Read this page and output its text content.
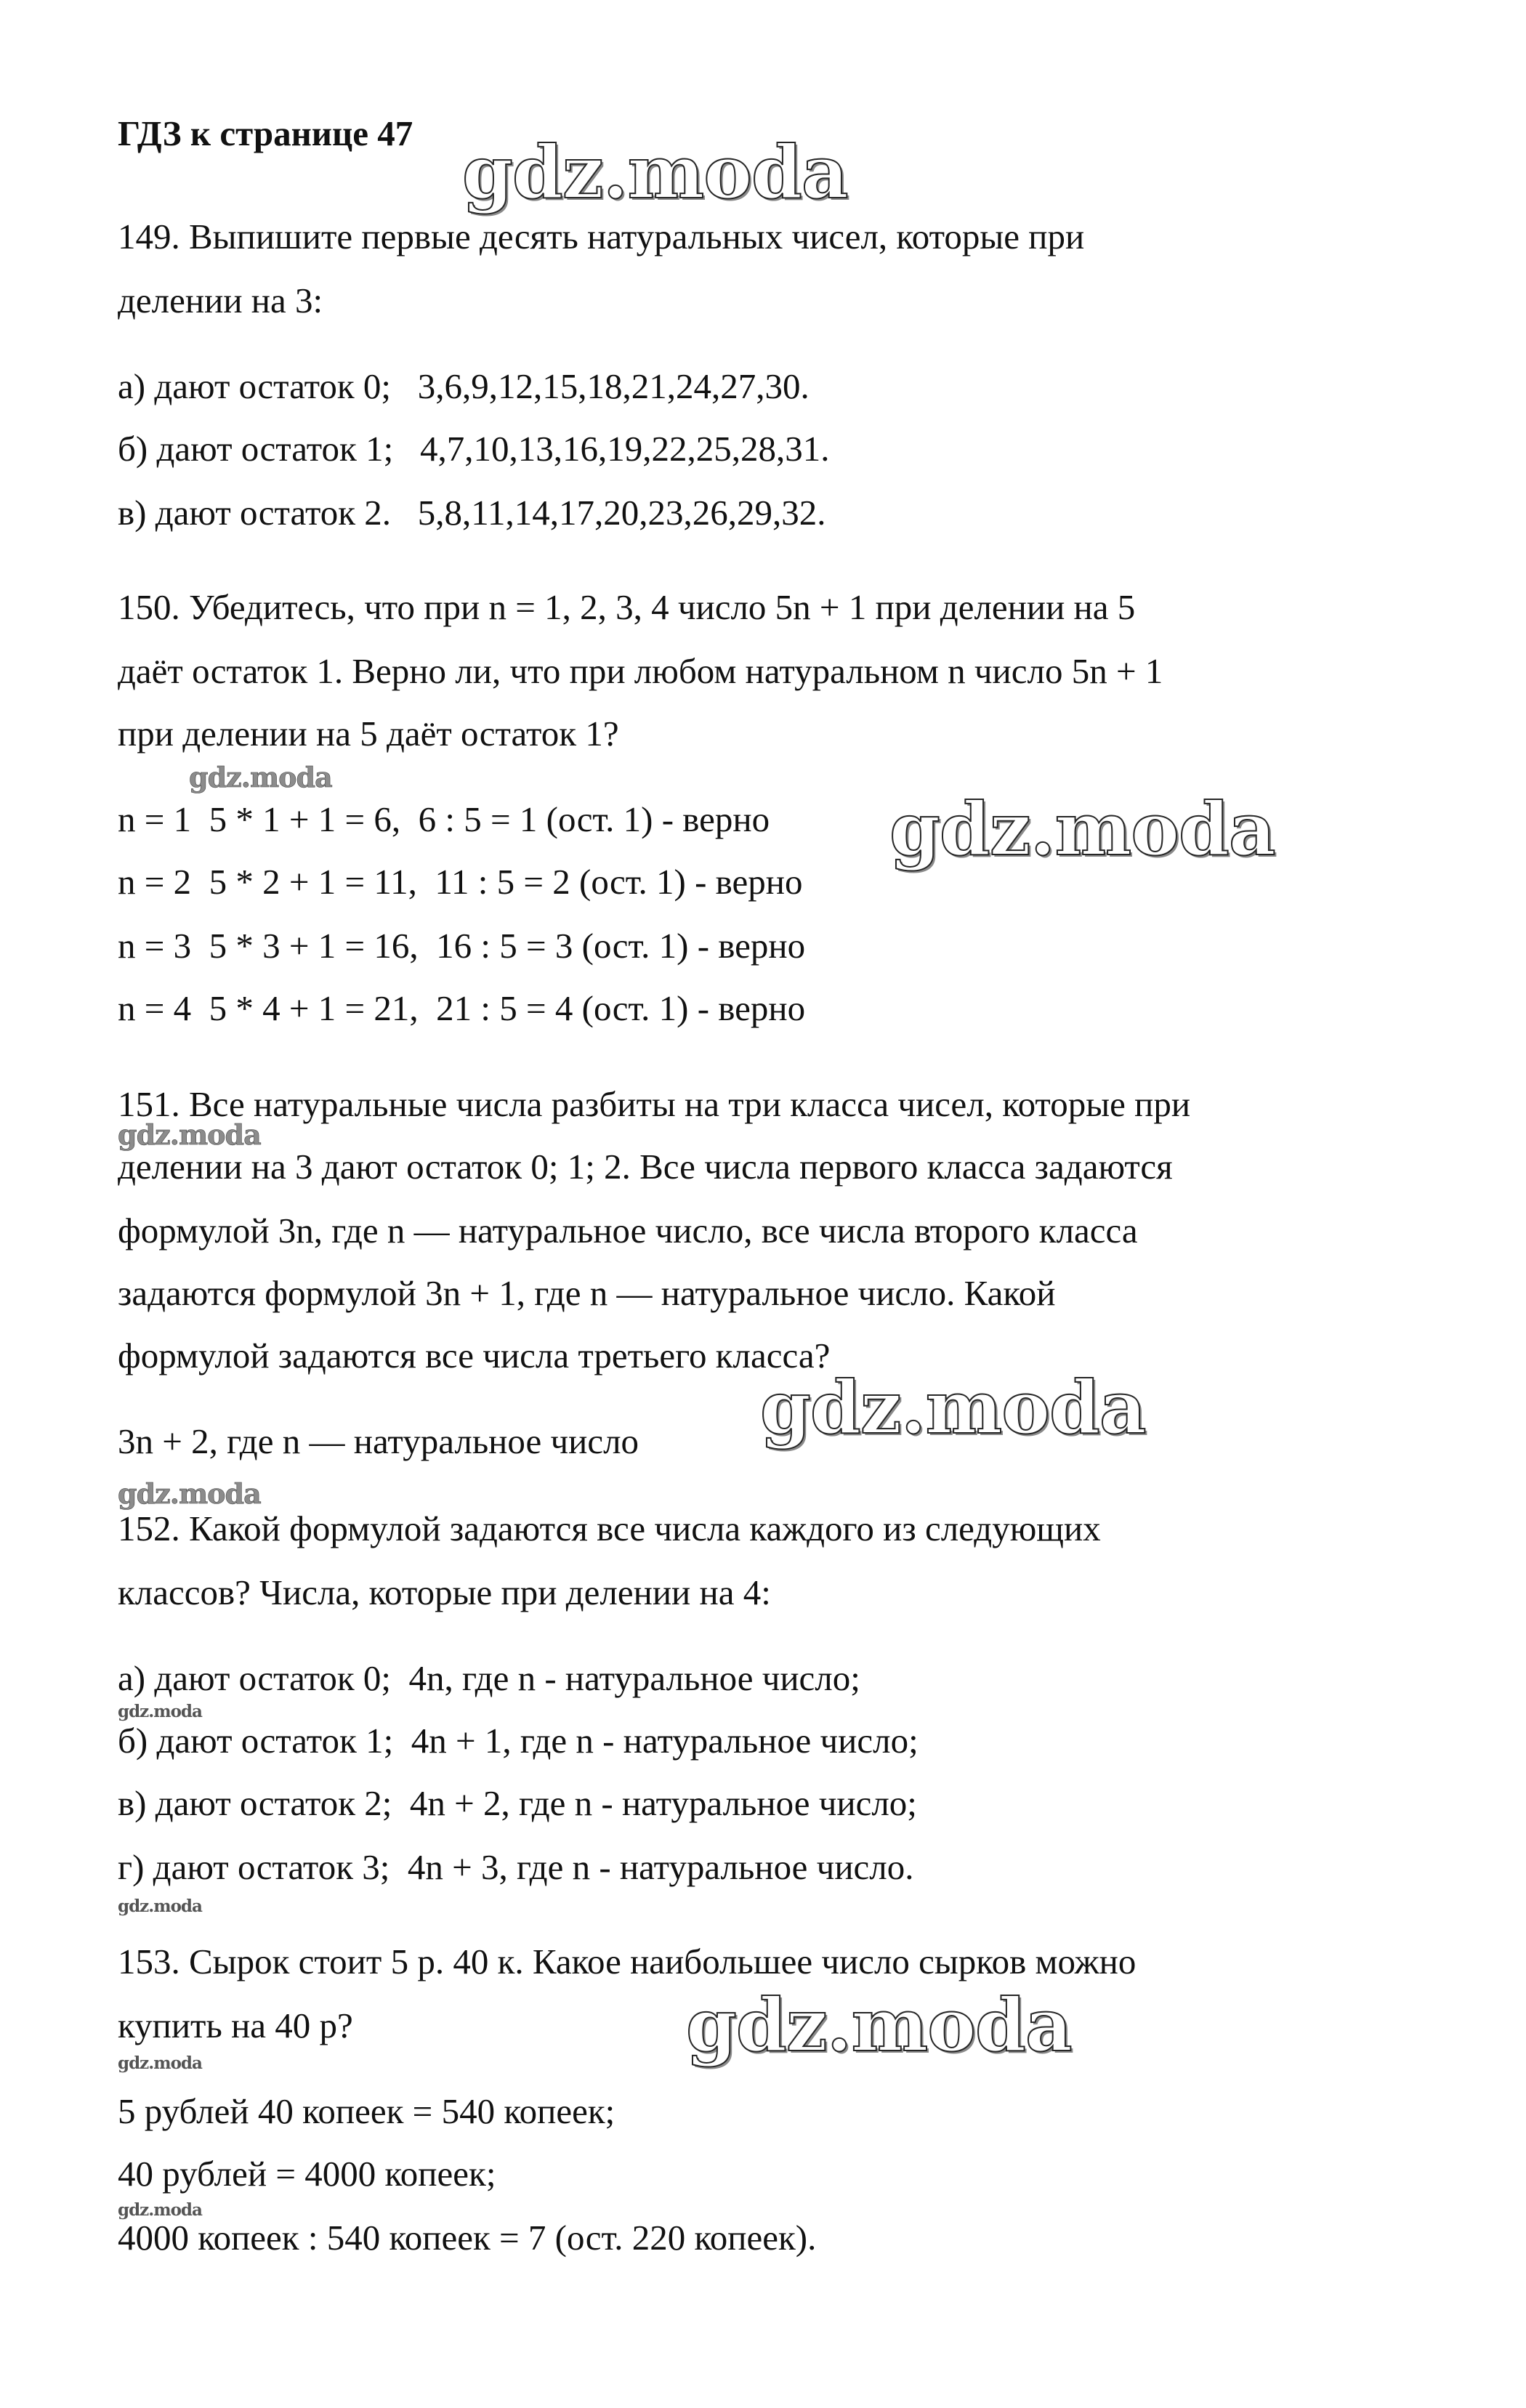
ГДЗ к странице 47

149. Выпишите первые десять натуральных чисел, которые при

делении на 3:

а) дают остаток 0;   3,6,9,12,15,18,21,24,27,30.

б) дают остаток 1;   4,7,10,13,16,19,22,25,28,31.

в) дают остаток 2.   5,8,11,14,17,20,23,26,29,32.

150. Убедитесь, что при n = 1, 2, 3, 4 число 5n + 1 при делении на 5

даёт остаток 1. Верно ли, что при любом натуральном n число 5n + 1

при делении на 5 даёт остаток 1?

n = 1  5 * 1 + 1 = 6,  6 : 5 = 1 (ост. 1) - верно

n = 2  5 * 2 + 1 = 11,  11 : 5 = 2 (ост. 1) - верно

n = 3  5 * 3 + 1 = 16,  16 : 5 = 3 (ост. 1) - верно

n = 4  5 * 4 + 1 = 21,  21 : 5 = 4 (ост. 1) - верно

151. Все натуральные числа разбиты на три класса чисел, которые при

делении на 3 дают остаток 0; 1; 2. Все числа первого класса задаются

формулой 3n, где n — натуральное число, все числа второго класса

задаются формулой 3n + 1, где n — натуральное число. Какой

формулой задаются все числа третьего класса?

3n + 2, где n — натуральное число

152. Какой формулой задаются все числа каждого из следующих

классов? Числа, которые при делении на 4:

а) дают остаток 0;  4n, где n - натуральное число;

б) дают остаток 1;  4n + 1, где n - натуральное число;

в) дают остаток 2;  4n + 2, где n - натуральное число;

г) дают остаток 3;  4n + 3, где n - натуральное число.

153. Сырок стоит 5 р. 40 к. Какое наибольшее число сырков можно

купить на 40 р?

5 рублей 40 копеек = 540 копеек;

40 рублей = 4000 копеек;

4000 копеек : 540 копеек = 7 (ост. 220 копеек).

gdz.moda

gdz.moda

gdz.moda

gdz.moda

gdz.moda

gdz.moda

gdz.moda

gdz.moda

gdz.moda

gdz.moda

gdz.moda
